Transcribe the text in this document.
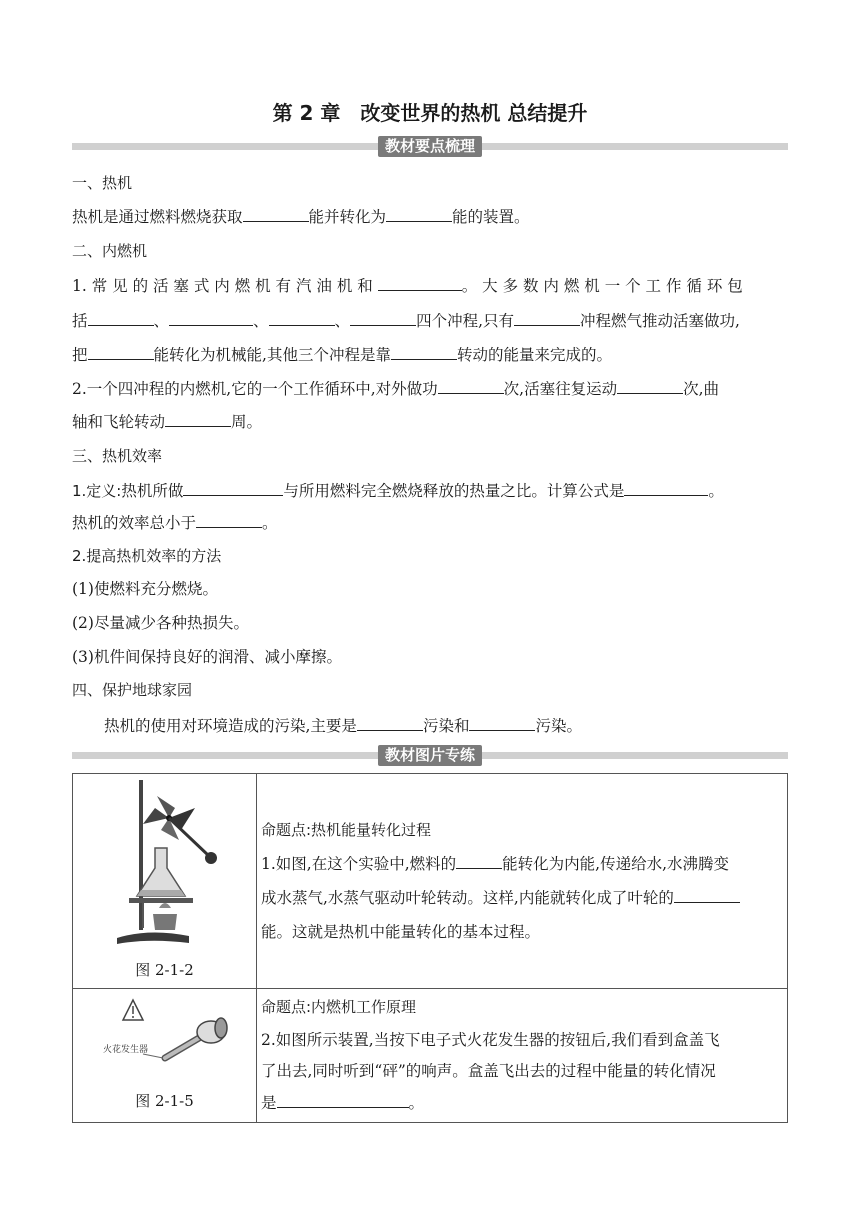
第 2 章　改变世界的热机 总结提升
教材要点梳理
一、热机
热机是通过燃料燃烧获取	能并转化为	能的装置。
二、内燃机
1. 常 见 的 活 塞 式 内 燃 机 有 汽 油 机 和	。 大 多 数 内 燃 机 一 个 工 作 循 环 包
括	、	、	、	四个冲程,只有	冲程燃气推动活塞做功,
把	能转化为机械能,其他三个冲程是靠	转动的能量来完成的。
2.一个四冲程的内燃机,它的一个工作循环中,对外做功	次,活塞往复运动	次,曲
轴和飞轮转动	周。
三、热机效率
1.定义:热机所做	与所用燃料完全燃烧释放的热量之比。计算公式是	。
热机的效率总小于	。
2.提高热机效率的方法
(1)使燃料充分燃烧。
(2)尽量减少各种热损失。
(3)机件间保持良好的润滑、减小摩擦。
四、保护地球家园
热机的使用对环境造成的污染,主要是	污染和	污染。
教材图片专练
图 2-1-2
命题点:热机能量转化过程
1.如图,在这个实验中,燃料的	能转化为内能,传递给水,水沸腾变
成水蒸气,水蒸气驱动叶轮转动。这样,内能就转化成了叶轮的
能。这就是热机中能量转化的基本过程。
火花发生器
图 2-1-5
命题点:内燃机工作原理
2.如图所示装置,当按下电子式火花发生器的按钮后,我们看到盒盖飞
了出去,同时听到“砰”的响声。盒盖飞出去的过程中能量的转化情况
是	。
